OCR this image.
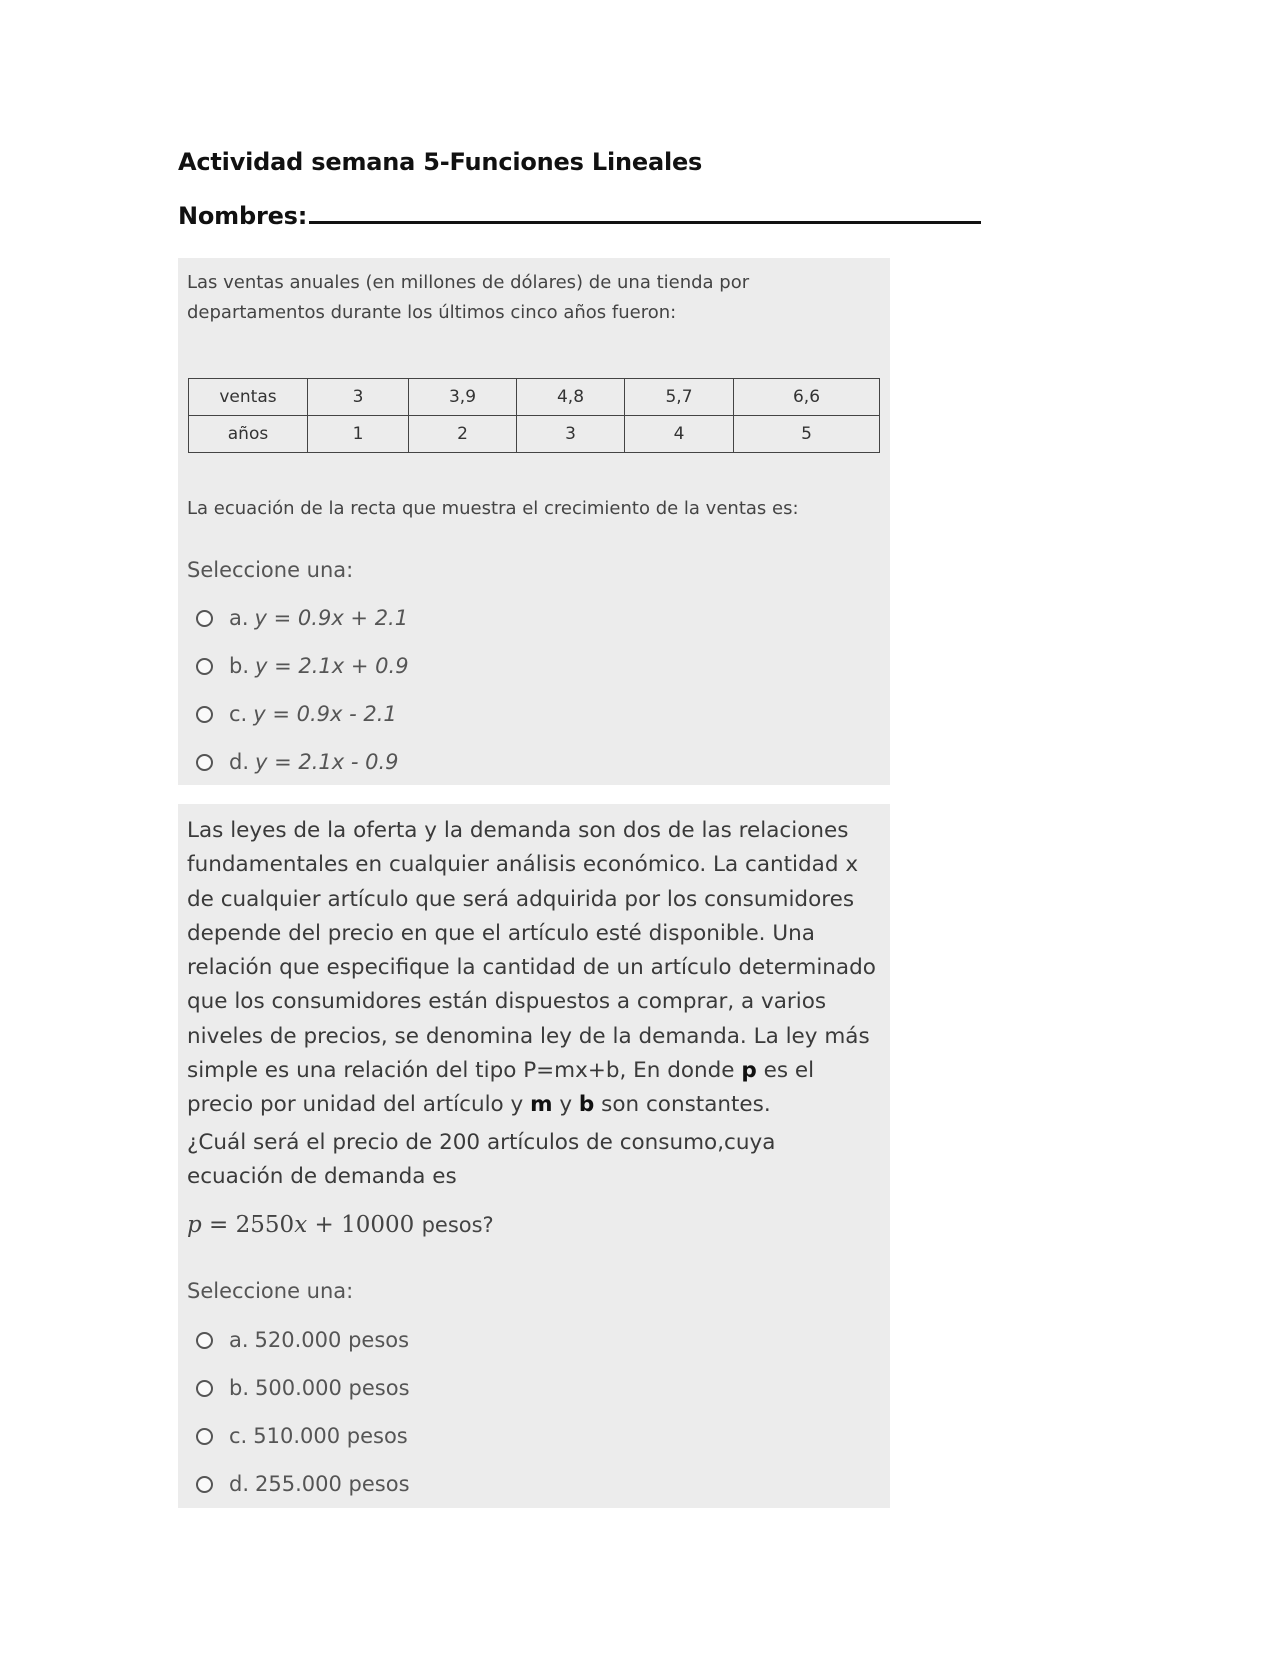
Actividad semana 5-Funciones Lineales
Nombres:
Las ventas anuales (en millones de dólares) de una tienda por departamentos durante los últimos cinco años fueron:
ventas	3	3,9	4,8	5,7	6,6
años	1	2	3	4	5
La ecuación de la recta que muestra el crecimiento de la ventas es:
Seleccione una:
a. y = 0.9x + 2.1
b. y = 2.1x + 0.9
c. y = 0.9x - 2.1
d. y = 2.1x - 0.9

Las leyes de la oferta y la demanda son dos de las relaciones fundamentales en cualquier análisis económico. La cantidad x de cualquier artículo que será adquirida por los consumidores depende del precio en que el artículo esté disponible. Una relación que especifique la cantidad de un artículo determinado que los consumidores están dispuestos a comprar, a varios niveles de precios, se denomina ley de la demanda. La ley más simple es una relación del tipo P=mx+b, En donde p es el precio por unidad del artículo y m y b son constantes.

¿Cuál será el precio de 200 artículos de consumo,cuya ecuación de demanda es
p = 2550x + 10000 pesos?
Seleccione una:
a. 520.000 pesos
b. 500.000 pesos
c. 510.000 pesos
d. 255.000 pesos
